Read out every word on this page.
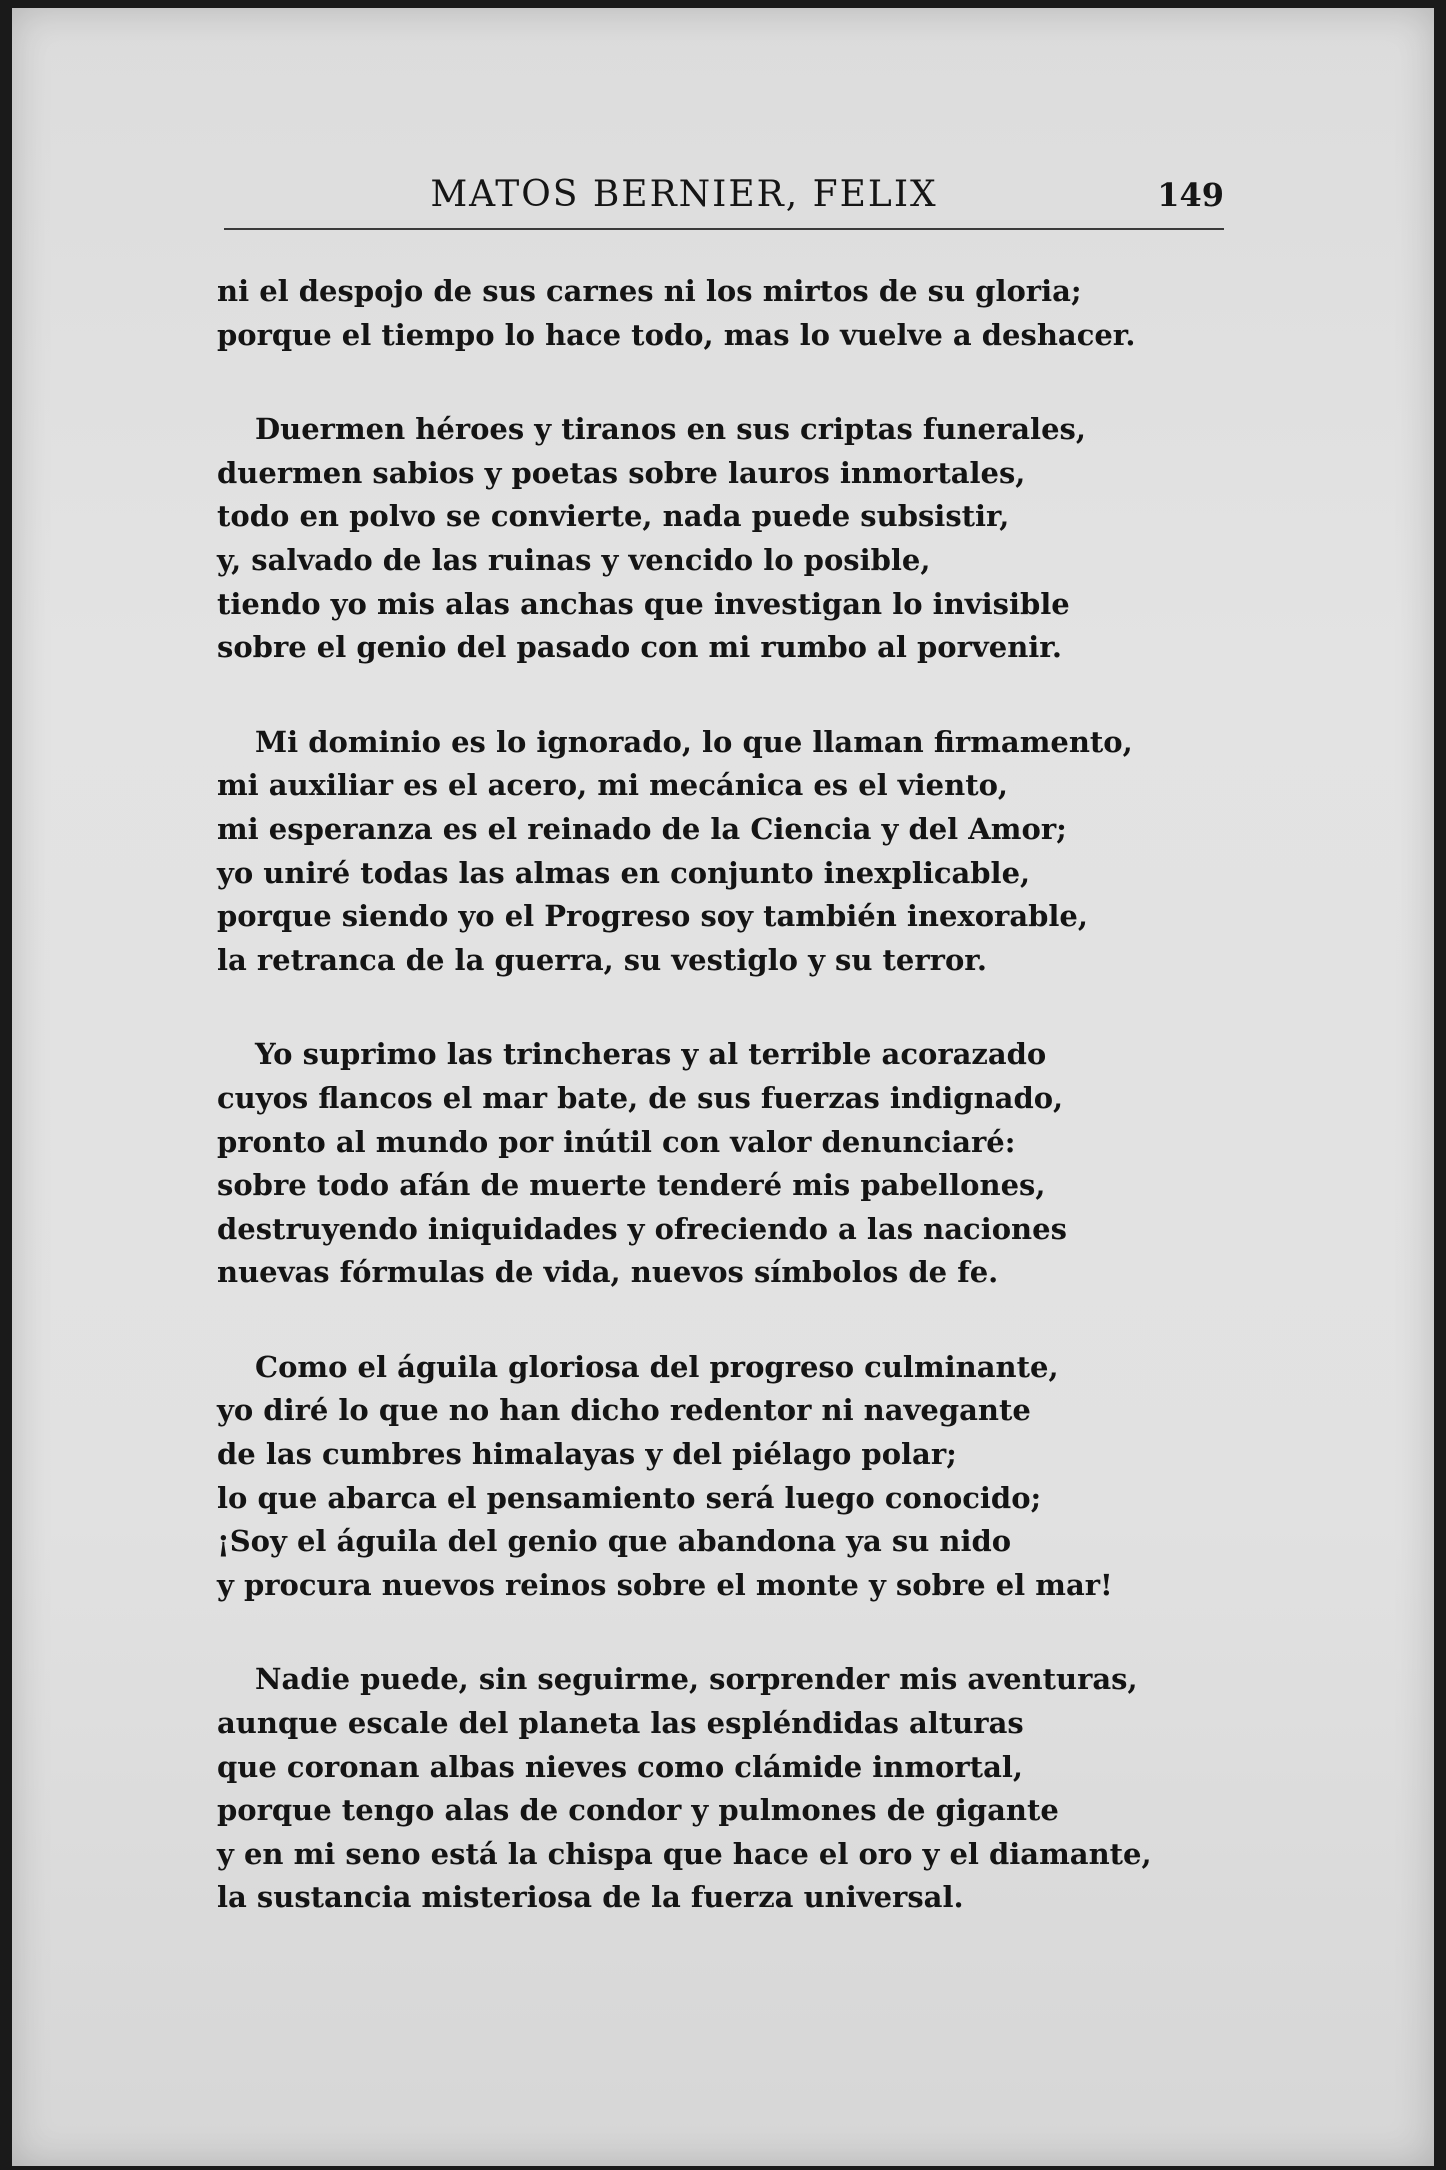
MATOS BERNIER, FELIX	149
ni el despojo de sus carnes ni los mirtos de su gloria;
porque el tiempo lo hace todo, mas lo vuelve a deshacer.
Duermen héroes y tiranos en sus criptas funerales,
duermen sabios y poetas sobre lauros inmortales,
todo en polvo se convierte, nada puede subsistir,
y, salvado de las ruinas y vencido lo posible,
tiendo yo mis alas anchas que investigan lo invisible
sobre el genio del pasado con mi rumbo al porvenir.
Mi dominio es lo ignorado, lo que llaman firmamento,
mi auxiliar es el acero, mi mecánica es el viento,
mi esperanza es el reinado de la Ciencia y del Amor;
yo uniré todas las almas en conjunto inexplicable,
porque siendo yo el Progreso soy también inexorable,
la retranca de la guerra, su vestiglo y su terror.
Yo suprimo las trincheras y al terrible acorazado
cuyos flancos el mar bate, de sus fuerzas indignado,
pronto al mundo por inútil con valor denunciaré:
sobre todo afán de muerte tenderé mis pabellones,
destruyendo iniquidades y ofreciendo a las naciones
nuevas fórmulas de vida, nuevos símbolos de fe.
Como el águila gloriosa del progreso culminante,
yo diré lo que no han dicho redentor ni navegante
de las cumbres himalayas y del piélago polar;
lo que abarca el pensamiento será luego conocido;
¡Soy el águila del genio que abandona ya su nido
y procura nuevos reinos sobre el monte y sobre el mar!
Nadie puede, sin seguirme, sorprender mis aventuras,
aunque escale del planeta las espléndidas alturas
que coronan albas nieves como clámide inmortal,
porque tengo alas de condor y pulmones de gigante
y en mi seno está la chispa que hace el oro y el diamante,
la sustancia misteriosa de la fuerza universal.
